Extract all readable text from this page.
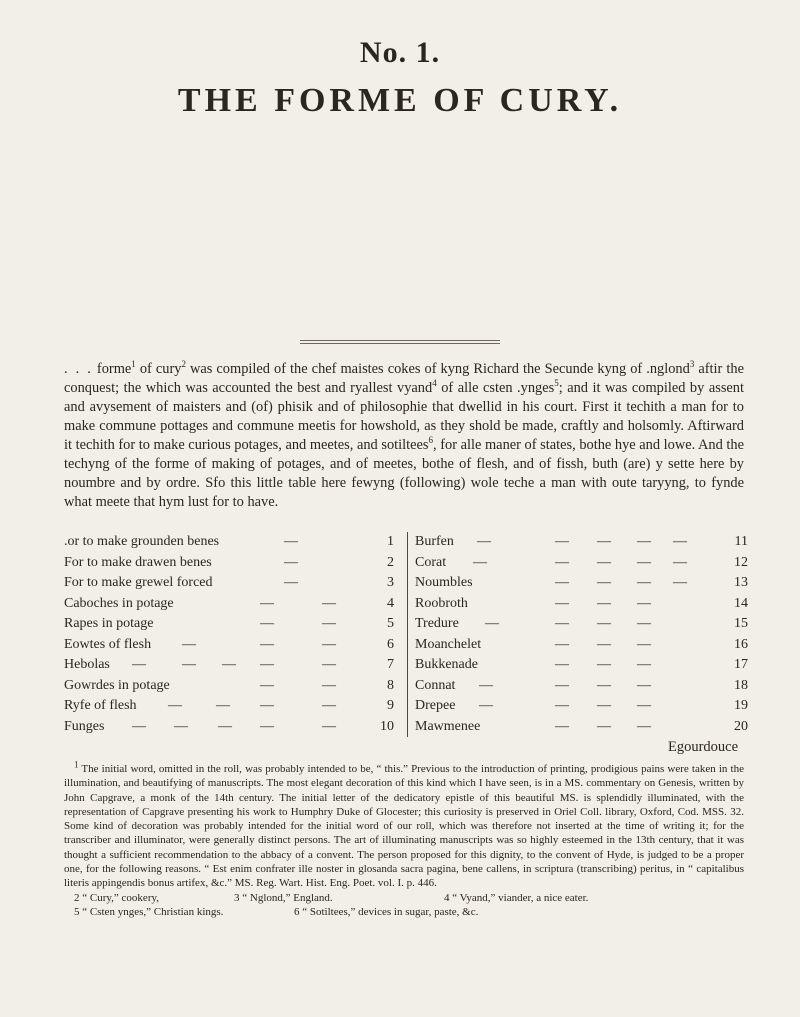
No. 1.
THE FORME OF CURY.
. . . forme$^1$ of cury$^2$ was compiled of the chef maistes cokes of kyng Richard the Secunde kyng of .nglond$^3$ aftir the conquest; the which was accounted the best and ryallest vyand$^4$ of alle csten .ynges$^5$; and it was compiled by assent and avysement of maisters and (of) phisik and of philosophie that dwellid in his court. First it techith a man for to make commune pottages and commune meetis for howshold, as they shold be made, craftly and holsomly. Aftirward it techith for to make curious potages, and meetes, and sotiltees$^6$, for alle maner of states, bothe hye and lowe. And the techyng of the forme of making of potages, and of meetes, bothe of flesh, and of fissh, buth (are) y sette here by noumbre and by ordre. Sfo this little table here fewyng (following) wole teche a man with oute taryyng, to fynde what meete that hym lust for to have.
.or to make grounden benes	—	1
For to make drawen benes	—	2
For to make grewel forced	—	3
Caboches in potage	—	—	4
Rapes in potage	—	—	5
Eowtes of flesh —	—	—	6
Hebolas —	— — —	—	7
Gowrdes in potage	—	—	8
Ryfe of flesh — — —	—	9
Funges — — — —	—	10
Burfen —	— — — —	11
Corat —	— — — —	12
Noumbles	— — — —	13
Roobroth	— — —	14
Tredure —	— — —	15
Moanchelet	— — —	16
Bukkenade	— — —	17
Connat —	— — —	18
Drepee —	— — —	19
Mawmenee	— — —	20
Egourdouce

$^1$ The initial word, omitted in the roll, was probably intended to be, “ this.” Previous to the introduction of printing, prodigious pains were taken in the illumination, and beautifying of manuscripts. The most elegant decoration of this kind which I have seen, is in a MS. commentary on Genesis, written by John Capgrave, a monk of the 14th century. The initial letter of the dedicatory epistle of this beautiful MS. is splendidly illuminated, with the representation of Capgrave presenting his work to Humphry Duke of Glocester; this curiosity is preserved in Oriel Coll. library, Oxford, Cod. MSS. 32. Some kind of decoration was probably intended for the initial word of our roll, which was therefore not inserted at the time of writing it; for the transcriber and illuminator, were generally distinct persons. The art of illuminating manuscripts was so highly esteemed in the 13th century, that it was thought a sufficient recommendation to the abbacy of a convent. The person proposed for this dignity, to the convent of Hyde, is judged to be a proper one, for the following reasons. “ Est enim confrater ille noster in glosanda sacra pagina, bene callens, in scriptura (transcribing) peritus, in “ capitalibus literis appingendis bonus artifex, &c.” MS. Reg. Wart. Hist. Eng. Poet. vol. I. p. 446.

2 “ Cury,” cookery,	3 “ Nglond,” England.	4 “ Vyand,” viander, a nice eater.
5 “ Csten ynges,” Christian kings.	6 “ Sotiltees,” devices in sugar, paste, &c.
